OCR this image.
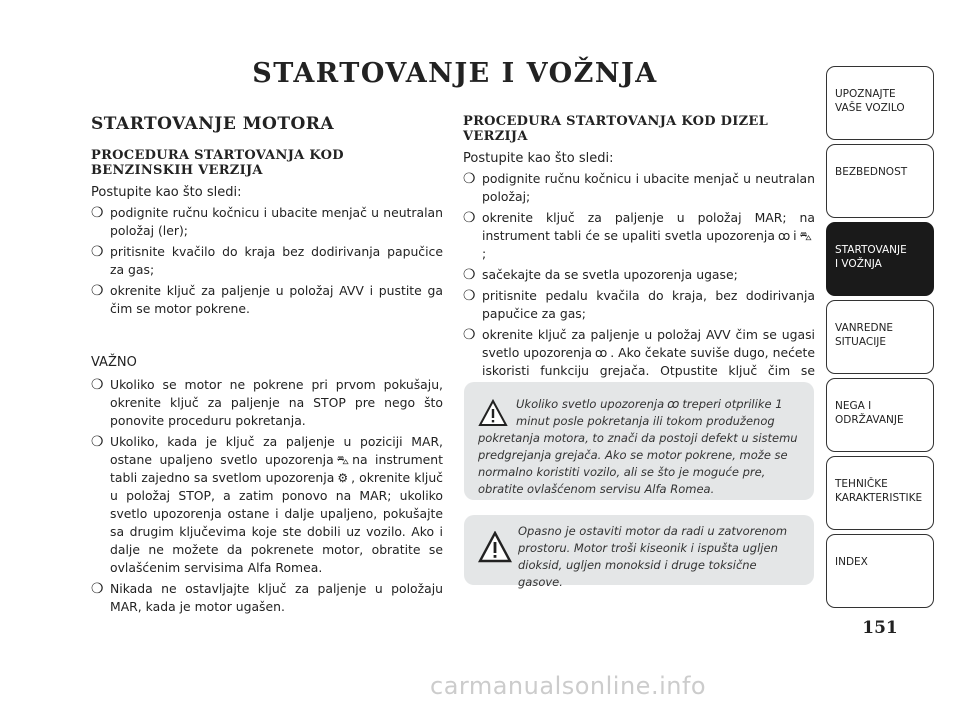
STARTOVANJE I VOŽNJA
STARTOVANJE MOTORA
PROCEDURA STARTOVANJA KOD BENZINSKIH VERZIJA

Postupite kao što sledi:

❍ podignite ručnu kočnicu i ubacite menjač u neutralan položaj (ler);
❍ pritisnite kvačilo do kraja bez dodirivanja papučice za gas;
❍ okrenite ključ za paljenje u položaj AVV i pustite ga čim se motor pokrene.

VAŽNO

❍ Ukoliko se motor ne pokrene pri prvom pokušaju, okrenite ključ za paljenje na STOP pre nego što ponovite proceduru pokretanja.
❍ Ukoliko, kada je ključ za paljenje u poziciji MAR, ostane upaljeno svetlo upozorenja ⛍ na instrument tabli zajedno sa svetlom upozorenja ⚙ , okrenite ključ u položaj STOP, a zatim ponovo na MAR; ukoliko svetlo upozorenja ostane i dalje upaljeno, pokušajte sa drugim ključevima koje ste dobili uz vozilo. Ako i dalje ne možete da pokrenete motor, obratite se ovlašćenim servisima Alfa Romea.
❍ Nikada ne ostavljajte ključ za paljenje u položaju MAR, kada je motor ugašen.
PROCEDURA STARTOVANJA KOD DIZEL VERZIJA

Postupite kao što sledi:

❍ podignite ručnu kočnicu i ubacite menjač u neutralan položaj;
❍ okrenite ključ za paljenje u položaj MAR; na instrument tabli će se upaliti svetla upozorenja ꝏ i ⛍;
❍ sačekajte da se svetla upozorenja ugase;
❍ pritisnite pedalu kvačila do kraja, bez dodirivanja papučice za gas;
❍ okrenite ključ za paljenje u položaj AVV čim se ugasi svetlo upozorenja ꝏ . Ako čekate suviše dugo, nećete iskoristi funkciju grejača. Otpustite ključ čim se
Ukoliko svetlo upozorenja ꝏ treperi otprilike 1 minut posle pokretanja ili tokom produženog pokretanja motora, to znači da postoji defekt u sistemu predgrejanja grejača. Ako se motor pokrene, može se normalno koristiti vozilo, ali se što je moguće pre, obratite ovlašćenom servisu Alfa Romea.
Opasno je ostaviti motor da radi u zatvorenom prostoru. Motor troši kiseonik i ispušta ugljen dioksid, ugljen monoksid i druge toksične gasove.
UPOZNAJTE
VAŠE VOZILO
BEZBEDNOST
STARTOVANJE
I VOŽNJA
VANREDNE
SITUACIJE
NEGA I
ODRŽAVANJE
TEHNIČKE
KARAKTERISTIKE
INDEX
151
carmanualsonline.info
